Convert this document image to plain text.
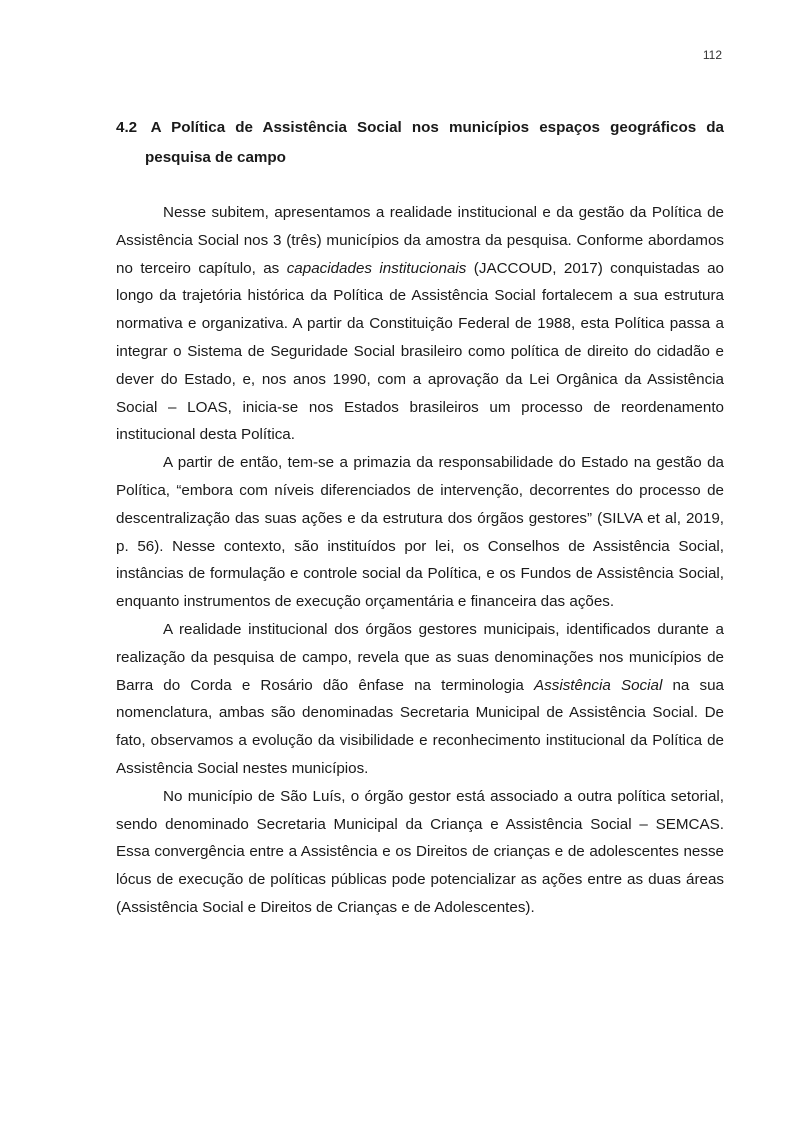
112
4.2 A Política de Assistência Social nos municípios espaços geográficos da pesquisa de campo

Nesse subitem, apresentamos a realidade institucional e da gestão da Política de Assistência Social nos 3 (três) municípios da amostra da pesquisa. Conforme abordamos no terceiro capítulo, as capacidades institucionais (JACCOUD, 2017) conquistadas ao longo da trajetória histórica da Política de Assistência Social fortalecem a sua estrutura normativa e organizativa. A partir da Constituição Federal de 1988, esta Política passa a integrar o Sistema de Seguridade Social brasileiro como política de direito do cidadão e dever do Estado, e, nos anos 1990, com a aprovação da Lei Orgânica da Assistência Social – LOAS, inicia-se nos Estados brasileiros um processo de reordenamento institucional desta Política.

A partir de então, tem-se a primazia da responsabilidade do Estado na gestão da Política, “embora com níveis diferenciados de intervenção, decorrentes do processo de descentralização das suas ações e da estrutura dos órgãos gestores” (SILVA et al, 2019, p. 56). Nesse contexto, são instituídos por lei, os Conselhos de Assistência Social, instâncias de formulação e controle social da Política, e os Fundos de Assistência Social, enquanto instrumentos de execução orçamentária e financeira das ações.

A realidade institucional dos órgãos gestores municipais, identificados durante a realização da pesquisa de campo, revela que as suas denominações nos municípios de Barra do Corda e Rosário dão ênfase na terminologia Assistência Social na sua nomenclatura, ambas são denominadas Secretaria Municipal de Assistência Social. De fato, observamos a evolução da visibilidade e reconhecimento institucional da Política de Assistência Social nestes municípios.

No município de São Luís, o órgão gestor está associado a outra política setorial, sendo denominado Secretaria Municipal da Criança e Assistência Social – SEMCAS. Essa convergência entre a Assistência e os Direitos de crianças e de adolescentes nesse lócus de execução de políticas públicas pode potencializar as ações entre as duas áreas (Assistência Social e Direitos de Crianças e de Adolescentes).
